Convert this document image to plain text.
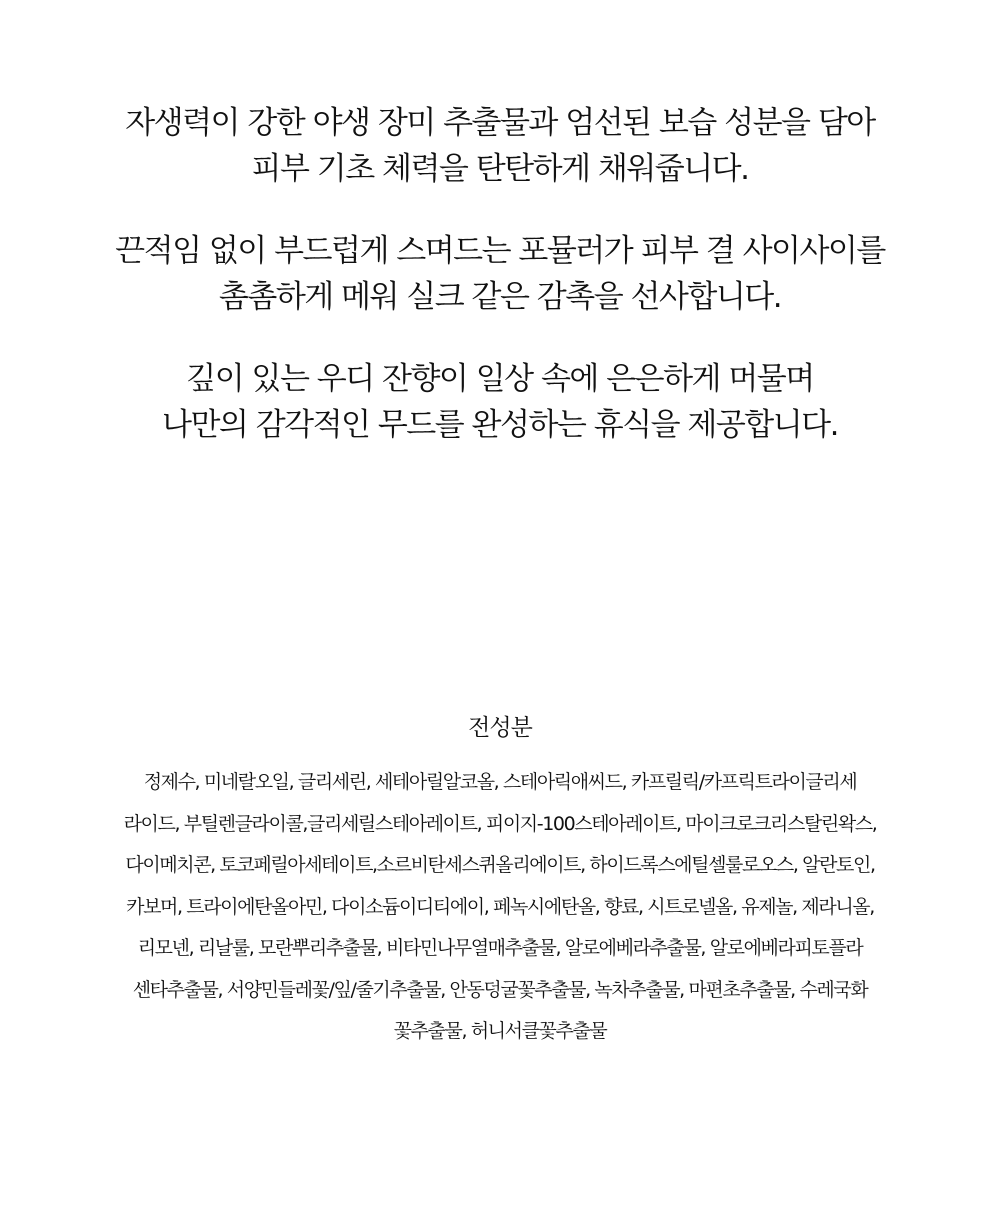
자생력이 강한 야생 장미 추출물과 엄선된 보습 성분을 담아
피부 기초 체력을 탄탄하게 채워줍니다.

끈적임 없이 부드럽게 스며드는 포뮬러가 피부 결 사이사이를
촘촘하게 메워 실크 같은 감촉을 선사합니다.

깊이 있는 우디 잔향이 일상 속에 은은하게 머물며
나만의 감각적인 무드를 완성하는 휴식을 제공합니다.

전성분
정제수, 미네랄오일, 글리세린, 세테아릴알코올, 스테아릭애씨드, 카프릴릭/카프릭트라이글리세
라이드, 부틸렌글라이콜,글리세릴스테아레이트, 피이지-100스테아레이트, 마이크로크리스탈린왁스,
다이메치콘, 토코페릴아세테이트,소르비탄세스퀴올리에이트, 하이드록스에틸셀룰로오스, 알란토인,
카보머, 트라이에탄올아민, 다이소듐이디티에이, 페녹시에탄올, 향료, 시트로넬올, 유제놀, 제라니올,
리모넨, 리날룰, 모란뿌리추출물, 비타민나무열매추출물, 알로에베라추출물, 알로에베라피토플라
센타추출물, 서양민들레꽃/잎/줄기추출물, 안동덩굴꽃추출물, 녹차추출물, 마편초추출물, 수레국화
꽃추출물, 허니서클꽃추출물
